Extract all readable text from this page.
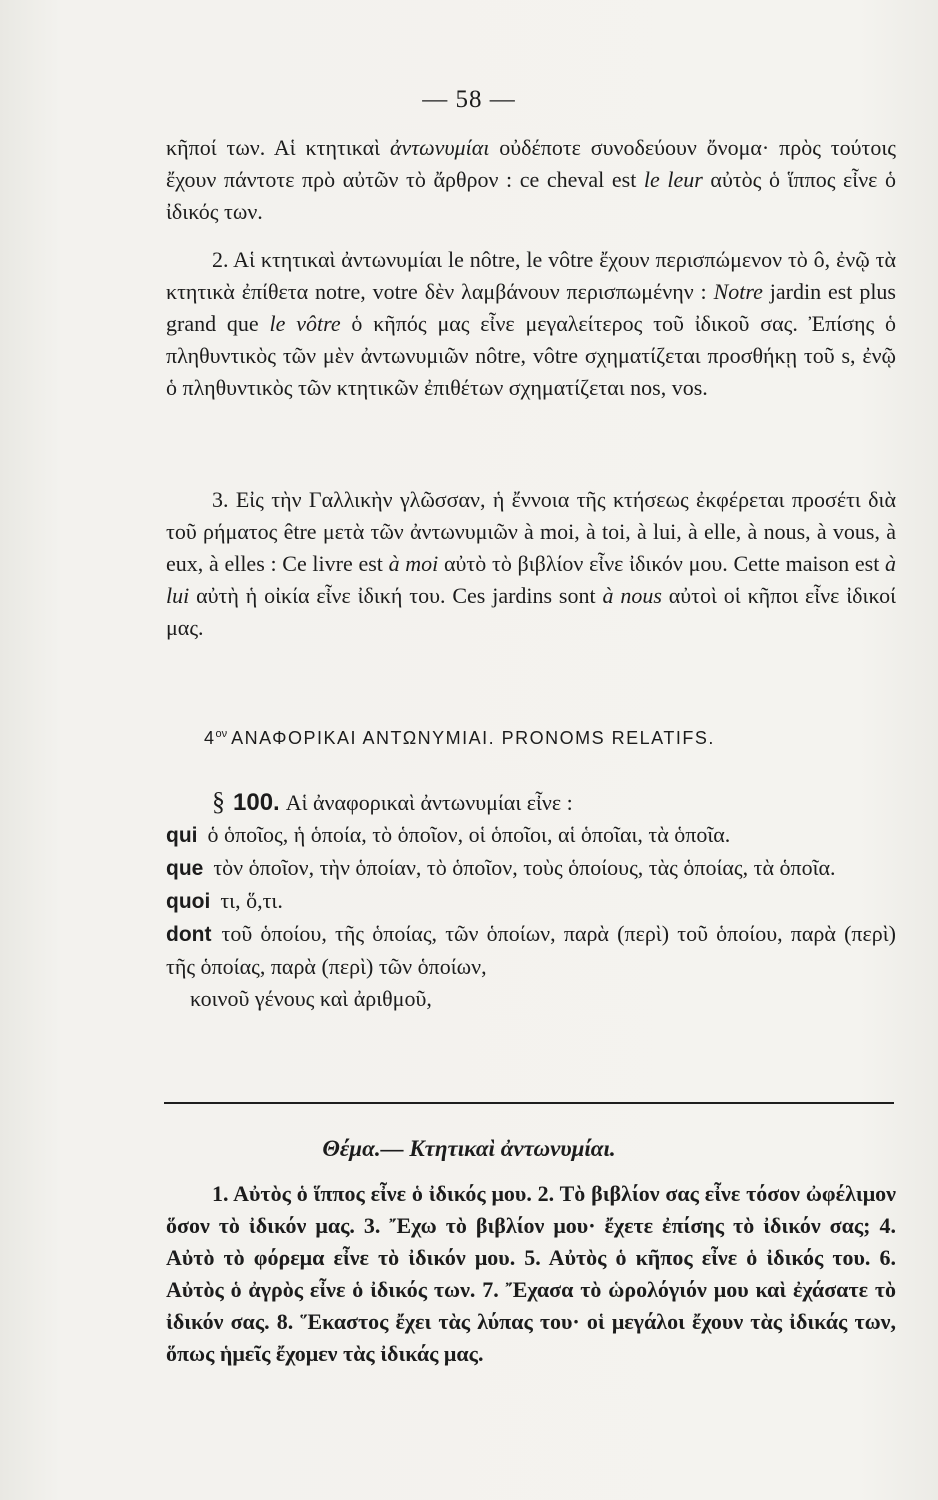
— 58 —

κῆποί των. Αἱ κτητικαὶ ἀντωνυμίαι οὐδέποτε συνοδεύουν ὄνομα· πρὸς τούτοις ἔχουν πάντοτε πρὸ αὐτῶν τὸ ἄρθρον : ce cheval est le leur αὐτὸς ὁ ἵππος εἶνε ὁ ἰδικός των.

2. Αἱ κτητικαὶ ἀντωνυμίαι le nôtre, le vôtre ἔχουν περισπώμενον τὸ ô, ἐνῷ τὰ κτητικὰ ἐπίθετα notre, votre δὲν λαμβάνουν περισπωμένην : Notre jardin est plus grand que le vôtre ὁ κῆπός μας εἶνε μεγαλείτερος τοῦ ἰδικοῦ σας. Ἐπίσης ὁ πληθυντικὸς τῶν μὲν ἀντωνυμιῶν nôtre, vôtre σχηματίζεται προσθήκῃ τοῦ s, ἐνῷ ὁ πληθυντικὸς τῶν κτητικῶν ἐπιθέτων σχηματίζεται nos, vos.

3. Εἰς τὴν Γαλλικὴν γλῶσσαν, ἡ ἔννοια τῆς κτήσεως ἐκφέρεται προσέτι διὰ τοῦ ρήματος être μετὰ τῶν ἀντωνυμιῶν à moi, à toi, à lui, à elle, à nous, à vous, à eux, à elles : Ce livre est à moi αὐτὸ τὸ βιβλίον εἶνε ἰδικόν μου. Cette maison est à lui αὐτὴ ἡ οἰκία εἶνε ἰδική του. Ces jardins sont à nous αὐτοὶ οἱ κῆποι εἶνε ἰδικοί μας.

$4^{o\nu}$ ΑΝΑΦΟΡΙΚΑΙ ΑΝΤΩΝΥΜΙΑΙ. PRONOMS RELATIFS.

§ 100. Αἱ ἀναφορικαὶ ἀντωνυμίαι εἶνε :

qui ὁ ὁποῖος, ἡ ὁποία, τὸ ὁποῖον, οἱ ὁποῖοι, αἱ ὁποῖαι, τὰ ὁποῖα.

que τὸν ὁποῖον, τὴν ὁποίαν, τὸ ὁποῖον, τοὺς ὁποίους, τὰς ὁποίας, τὰ ὁποῖα.

quoi τι, ὅ,τι.

dont τοῦ ὁποίου, τῆς ὁποίας, τῶν ὁποίων, παρὰ (περὶ) τοῦ ὁποίου, παρὰ (περὶ) τῆς ὁποίας, παρὰ (περὶ) τῶν ὁποίων,

κοινοῦ γένους καὶ ἀριθμοῦ,

Θέμα.— Κτητικαὶ ἀντωνυμίαι.

1. Αὐτὸς ὁ ἵππος εἶνε ὁ ἰδικός μου. 2. Τὸ βιβλίον σας εἶνε τόσον ὠφέλιμον ὅσον τὸ ἰδικόν μας. 3. Ἔχω τὸ βιβλίον μου· ἔχετε ἐπίσης τὸ ἰδικόν σας; 4. Αὐτὸ τὸ φόρεμα εἶνε τὸ ἰδικόν μου. 5. Αὐτὸς ὁ κῆπος εἶνε ὁ ἰδικός του. 6. Αὐτὸς ὁ ἀγρὸς εἶνε ὁ ἰδικός των. 7. Ἔχασα τὸ ὡρολόγιόν μου καὶ ἐχάσατε τὸ ἰδικόν σας. 8. Ἕκαστος ἔχει τὰς λύπας του· οἱ μεγάλοι ἔχουν τὰς ἰδικάς των, ὅπως ἡμεῖς ἔχομεν τὰς ἰδικάς μας.
